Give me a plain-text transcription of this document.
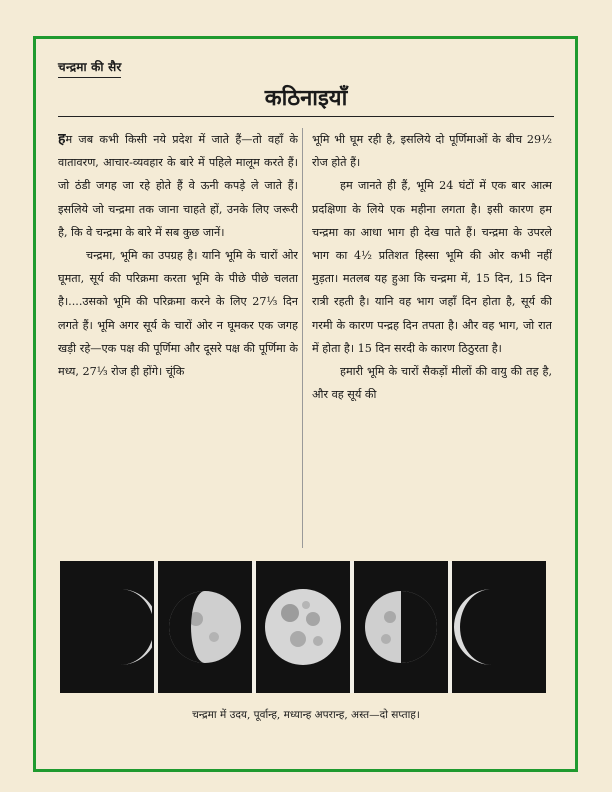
चन्द्रमा की सैर
कठिनाइयाँ

हम जब कभी किसी नये प्रदेश में जाते हैं—तो वहाँ के वातावरण, आचार-व्यवहार के बारे में पहिले मालूम करते हैं। जो ठंडी जगह जा रहे होते हैं वे ऊनी कपड़े ले जाते हैं। इसलिये जो चन्द्रमा तक जाना चाहते हों, उनके लिए जरूरी है, कि वे चन्द्रमा के बारे में सब कुछ जानें।

चन्द्रमा, भूमि का उपग्रह है। यानि भूमि के चारों ओर घूमता, सूर्य की परिक्रमा करता भूमि के पीछे पीछे चलता है।....उसको भूमि की परिक्रमा करने के लिए 27⅓ दिन लगते हैं। भूमि अगर सूर्य के चारों ओर न घूमकर एक जगह खड़ी रहे—एक पक्ष की पूर्णिमा और दूसरे पक्ष की पूर्णिमा के मध्य, 27⅓ रोज ही होंगे। चूंकि

भूमि भी घूम रही है, इसलिये दो पूर्णिमाओं के बीच 29½ रोज होते हैं।

हम जानते ही हैं, भूमि 24 घंटों में एक बार आत्म प्रदक्षिणा के लिये एक महीना लगता है। इसी कारण हम चन्द्रमा का आधा भाग ही देख पाते हैं। चन्द्रमा के उपरले भाग का 4½ प्रतिशत हिस्सा भूमि की ओर कभी नहीं मुड़ता। मतलब यह हुआ कि चन्द्रमा में, 15 दिन, 15 दिन रात्री रहती है। यानि वह भाग जहाँ दिन होता है, सूर्य की गरमी के कारण पन्द्रह दिन तपता है। और वह भाग, जो रात में होता है। 15 दिन सरदी के कारण ठिठुरता है।

हमारी भूमि के चारों सैकड़ों मीलों की वायु की तह है, और वह सूर्य की

चन्द्रमा में उदय, पूर्वान्ह, मध्यान्ह अपरान्ह, अस्त—दो सप्ताह।
